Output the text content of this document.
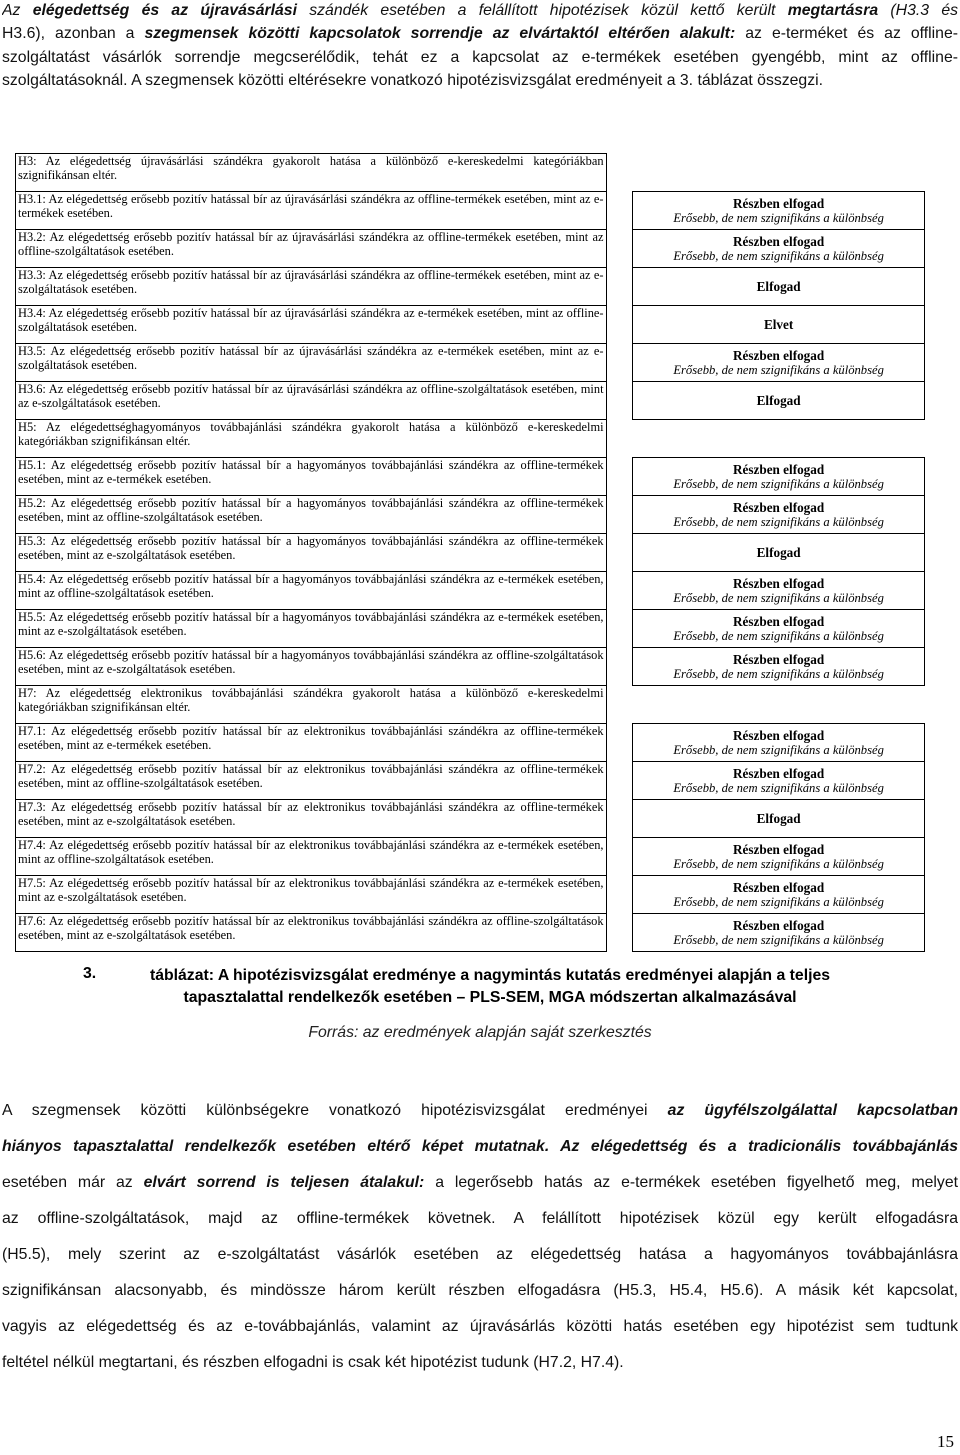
Az elégedettség és az újravásárlási szándék esetében a felállított hipotézisek közül kettő került megtartásra (H3.3 és
H3.6), azonban a szegmensek közötti kapcsolatok sorrendje az elvártaktól eltérően alakult: az e-terméket és az offline-
szolgáltatást vásárlók sorrendje megcserélődik, tehát ez a kapcsolat az e-termékek esetében gyengébb, mint az offline-
szolgáltatásoknál. A szegmensek közötti eltérésekre vonatkozó hipotézisvizsgálat eredményeit a 3. táblázat összegzi.
H3: Az elégedettség újravásárlási szándékra gyakorolt hatása a különböző e-kereskedelmi kategóriákban szignifikánsan eltér.		
H3.1: Az elégedettség erősebb pozitív hatással bír az újravásárlási szándékra az offline-termékek esetében, mint az e-termékek esetében.		Részben elfogad
Erősebb, de nem szignifikáns a különbség

H3.2: Az elégedettség erősebb pozitív hatással bír az újravásárlási szándékra az offline-termékek esetében, mint az offline-szolgáltatások esetében.		Részben elfogad
Erősebb, de nem szignifikáns a különbség

H3.3: Az elégedettség erősebb pozitív hatással bír az újravásárlási szándékra az offline-termékek esetében, mint az e-szolgáltatások esetében.		Elfogad

H3.4: Az elégedettség erősebb pozitív hatással bír az újravásárlási szándékra az e-termékek esetében, mint az offline-szolgáltatások esetében.		Elvet

H3.5: Az elégedettség erősebb pozitív hatással bír az újravásárlási szándékra az e-termékek esetében, mint az e-szolgáltatások esetében.		Részben elfogad
Erősebb, de nem szignifikáns a különbség

H3.6: Az elégedettség erősebb pozitív hatással bír az újravásárlási szándékra az offline-szolgáltatások esetében, mint az e-szolgáltatások esetében.		Elfogad

H5: Az elégedettséghagyományos továbbajánlási szándékra gyakorolt hatása a különböző e-kereskedelmi kategóriákban szignifikánsan eltér.		
H5.1: Az elégedettség erősebb pozitív hatással bír a hagyományos továbbajánlási szándékra az offline-termékek esetében, mint az e-termékek esetében.		Részben elfogad
Erősebb, de nem szignifikáns a különbség

H5.2: Az elégedettség erősebb pozitív hatással bír a hagyományos továbbajánlási szándékra az offline-termékek esetében, mint az offline-szolgáltatások esetében.		Részben elfogad
Erősebb, de nem szignifikáns a különbség

H5.3: Az elégedettség erősebb pozitív hatással bír a hagyományos továbbajánlási szándékra az offline-termékek esetében, mint az e-szolgáltatások esetében.		Elfogad

H5.4: Az elégedettség erősebb pozitív hatással bír a hagyományos továbbajánlási szándékra az e-termékek esetében, mint az offline-szolgáltatások esetében.		Részben elfogad
Erősebb, de nem szignifikáns a különbség

H5.5: Az elégedettség erősebb pozitív hatással bír a hagyományos továbbajánlási szándékra az e-termékek esetében, mint az e-szolgáltatások esetében.		Részben elfogad
Erősebb, de nem szignifikáns a különbség

H5.6: Az elégedettség erősebb pozitív hatással bír a hagyományos továbbajánlási szándékra az offline-szolgáltatások esetében, mint az e-szolgáltatások esetében.		Részben elfogad
Erősebb, de nem szignifikáns a különbség

H7: Az elégedettség elektronikus továbbajánlási szándékra gyakorolt hatása a különböző e-kereskedelmi kategóriákban szignifikánsan eltér.		
H7.1: Az elégedettség erősebb pozitív hatással bír az elektronikus továbbajánlási szándékra az offline-termékek esetében, mint az e-termékek esetében.		Részben elfogad
Erősebb, de nem szignifikáns a különbség

H7.2: Az elégedettség erősebb pozitív hatással bír az elektronikus továbbajánlási szándékra az offline-termékek esetében, mint az offline-szolgáltatások esetében.		Részben elfogad
Erősebb, de nem szignifikáns a különbség

H7.3: Az elégedettség erősebb pozitív hatással bír az elektronikus továbbajánlási szándékra az offline-termékek esetében, mint az e-szolgáltatások esetében.		Elfogad

H7.4: Az elégedettség erősebb pozitív hatással bír az elektronikus továbbajánlási szándékra az e-termékek esetében, mint az offline-szolgáltatások esetében.		Részben elfogad
Erősebb, de nem szignifikáns a különbség

H7.5: Az elégedettség erősebb pozitív hatással bír az elektronikus továbbajánlási szándékra az e-termékek esetében, mint az e-szolgáltatások esetében.		Részben elfogad
Erősebb, de nem szignifikáns a különbség

H7.6: Az elégedettség erősebb pozitív hatással bír az elektronikus továbbajánlási szándékra az offline-szolgáltatások esetében, mint az e-szolgáltatások esetében.		Részben elfogad
Erősebb, de nem szignifikáns a különbség
3.	táblázat: A hipotézisvizsgálat eredménye a nagymintás kutatás eredményei alapján a teljes
tapasztalattal rendelkezők esetében – PLS-SEM, MGA módszertan alkalmazásával
Forrás: az eredmények alapján saját szerkesztés
A szegmensek közötti különbségekre vonatkozó hipotézisvizsgálat eredményei az ügyfélszolgálattal kapcsolatban
hiányos tapasztalattal rendelkezők esetében eltérő képet mutatnak. Az elégedettség és a tradicionális továbbajánlás
esetében már az elvárt sorrend is teljesen átalakul: a legerősebb hatás az e-termékek esetében figyelhető meg, melyet
az offline-szolgáltatások, majd az offline-termékek követnek. A felállított hipotézisek közül egy került elfogadásra
(H5.5), mely szerint az e-szolgáltatást vásárlók esetében az elégedettség hatása a hagyományos továbbajánlásra
szignifikánsan alacsonyabb, és mindössze három került részben elfogadásra (H5.3, H5.4, H5.6). A másik két kapcsolat,
vagyis az elégedettség és az e-továbbajánlás, valamint az újravásárlás közötti hatás esetében egy hipotézist sem tudtunk
feltétel nélkül megtartani, és részben elfogadni is csak két hipotézist tudunk (H7.2, H7.4).
15
